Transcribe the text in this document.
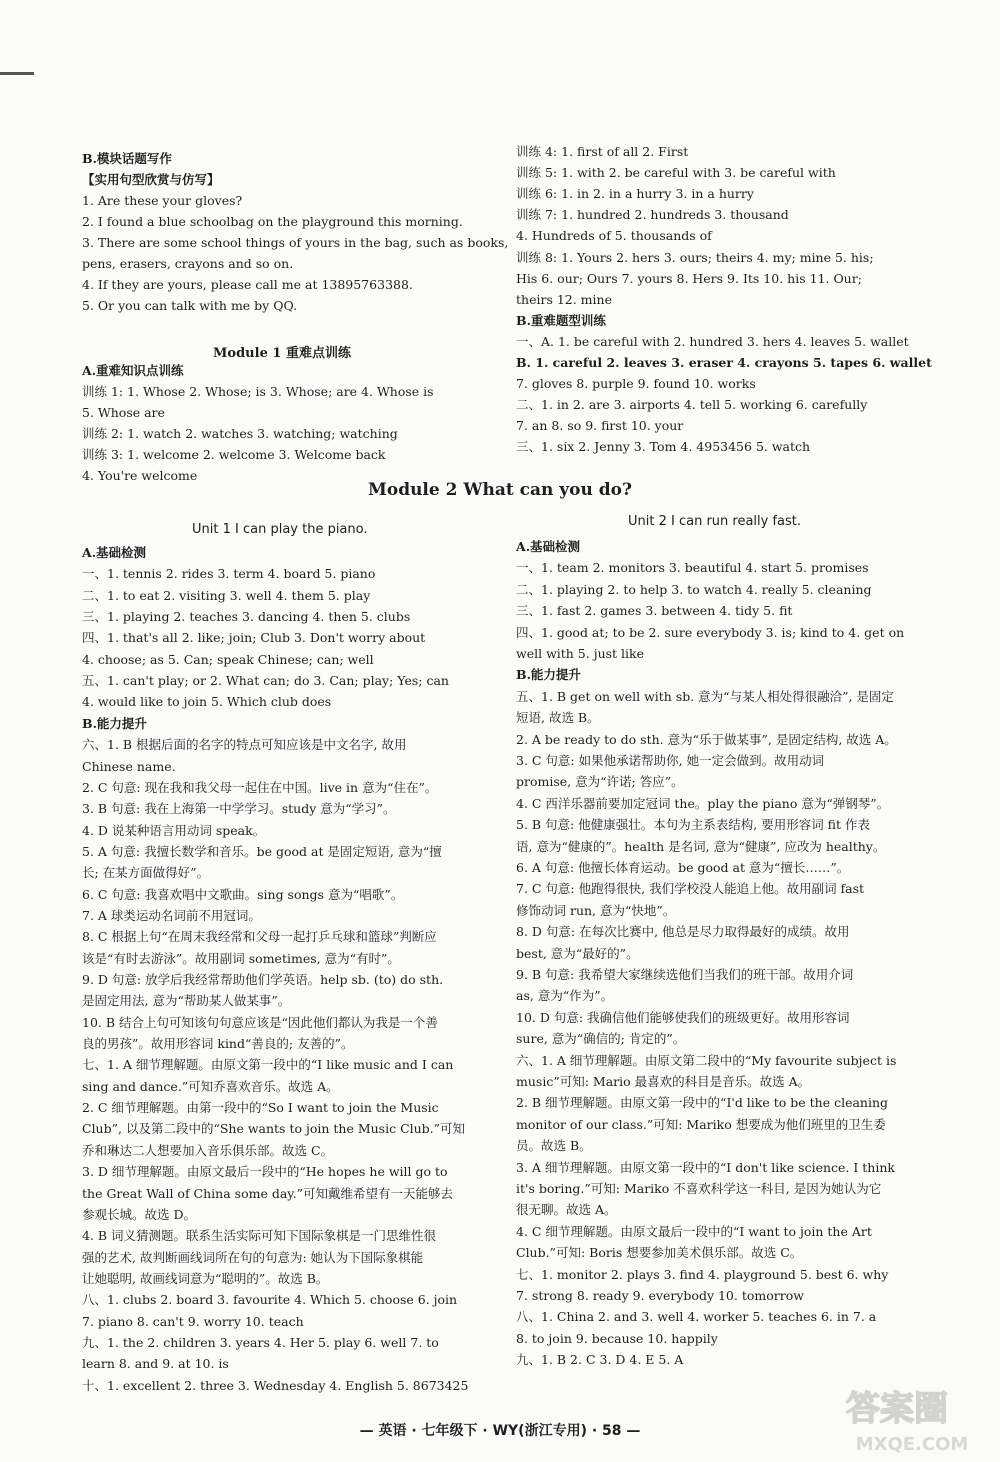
B.模块话题写作
【实用句型欣赏与仿写】
1. Are these your gloves?
2. I found a blue schoolbag on the playground this morning.
3. There are some school things of yours in the bag, such as books,
pens, erasers, crayons and so on.
4. If they are yours, please call me at 13895763388.
5. Or you can talk with me by QQ.
A.重难知识点训练
训练 1: 1. Whose 2. Whose; is 3. Whose; are 4. Whose is
5. Whose are
训练 2: 1. watch 2. watches 3. watching; watching
训练 3: 1. welcome 2. welcome 3. Welcome back
4. You're welcome
Module 1 重难点训练
训练 4: 1. first of all 2. First
训练 5: 1. with 2. be careful with 3. be careful with
训练 6: 1. in 2. in a hurry 3. in a hurry
训练 7: 1. hundred 2. hundreds 3. thousand
4. Hundreds of 5. thousands of
训练 8: 1. Yours 2. hers 3. ours; theirs 4. my; mine 5. his;
His 6. our; Ours 7. yours 8. Hers 9. Its 10. his 11. Our;
theirs 12. mine
B.重难题型训练
一、A. 1. be careful with 2. hundred 3. hers 4. leaves 5. wallet
B. 1. careful 2. leaves 3. eraser 4. crayons 5. tapes 6. wallet
7. gloves 8. purple 9. found 10. works
二、1. in 2. are 3. airports 4. tell 5. working 6. carefully
7. an 8. so 9. first 10. your
三、1. six 2. Jenny 3. Tom 4. 4953456 5. watch
Module 2 What can you do?
Unit 1 I can play the piano.
Unit 2 I can run really fast.
A.基础检测
一、1. tennis 2. rides 3. term 4. board 5. piano
二、1. to eat 2. visiting 3. well 4. them 5. play
三、1. playing 2. teaches 3. dancing 4. then 5. clubs
四、1. that's all 2. like; join; Club 3. Don't worry about
4. choose; as 5. Can; speak Chinese; can; well
五、1. can't play; or 2. What can; do 3. Can; play; Yes; can
4. would like to join 5. Which club does
B.能力提升
六、1. B 根据后面的名字的特点可知应该是中文名字, 故用
Chinese name.
2. C 句意: 现在我和我父母一起住在中国。live in 意为“住在”。
3. B 句意: 我在上海第一中学学习。study 意为“学习”。
4. D 说某种语言用动词 speak。
5. A 句意: 我擅长数学和音乐。be good at 是固定短语, 意为“擅
长; 在某方面做得好”。
6. C 句意: 我喜欢唱中文歌曲。sing songs 意为“唱歌”。
7. A 球类运动名词前不用冠词。
8. C 根据上句“在周末我经常和父母一起打乒乓球和篮球”判断应
该是“有时去游泳”。故用副词 sometimes, 意为“有时”。
9. D 句意: 放学后我经常帮助他们学英语。help sb. (to) do sth.
是固定用法, 意为“帮助某人做某事”。
10. B 结合上句可知该句句意应该是“因此他们都认为我是一个善
良的男孩”。故用形容词 kind“善良的; 友善的”。
七、1. A 细节理解题。由原文第一段中的“I like music and I can
sing and dance.”可知乔喜欢音乐。故选 A。
2. C 细节理解题。由第一段中的“So I want to join the Music
Club”, 以及第二段中的“She wants to join the Music Club.”可知
乔和琳达二人想要加入音乐俱乐部。故选 C。
3. D 细节理解题。由原文最后一段中的“He hopes he will go to
the Great Wall of China some day.”可知戴维希望有一天能够去
参观长城。故选 D。
4. B 词义猜测题。联系生活实际可知下国际象棋是一门思维性很
强的艺术, 故判断画线词所在句的句意为: 她认为下国际象棋能
让她聪明, 故画线词意为“聪明的”。故选 B。
八、1. clubs 2. board 3. favourite 4. Which 5. choose 6. join
7. piano 8. can't 9. worry 10. teach
九、1. the 2. children 3. years 4. Her 5. play 6. well 7. to
learn 8. and 9. at 10. is
十、1. excellent 2. three 3. Wednesday 4. English 5. 8673425
A.基础检测
一、1. team 2. monitors 3. beautiful 4. start 5. promises
二、1. playing 2. to help 3. to watch 4. really 5. cleaning
三、1. fast 2. games 3. between 4. tidy 5. fit
四、1. good at; to be 2. sure everybody 3. is; kind to 4. get on
well with 5. just like
B.能力提升
五、1. B get on well with sb. 意为“与某人相处得很融洽”, 是固定
短语, 故选 B。
2. A be ready to do sth. 意为“乐于做某事”, 是固定结构, 故选 A。
3. C 句意: 如果他承诺帮助你, 她一定会做到。故用动词
promise, 意为“许诺; 答应”。
4. C 西洋乐器前要加定冠词 the。play the piano 意为“弹钢琴”。
5. B 句意: 他健康强壮。本句为主系表结构, 要用形容词 fit 作表
语, 意为“健康的”。health 是名词, 意为“健康”, 应改为 healthy。
6. A 句意: 他擅长体育运动。be good at 意为“擅长……”。
7. C 句意: 他跑得很快, 我们学校没人能追上他。故用副词 fast
修饰动词 run, 意为“快地”。
8. D 句意: 在每次比赛中, 他总是尽力取得最好的成绩。故用
best, 意为“最好的”。
9. B 句意: 我希望大家继续选他们当我们的班干部。故用介词
as, 意为“作为”。
10. D 句意: 我确信他们能够使我们的班级更好。故用形容词
sure, 意为“确信的; 肯定的”。
六、1. A 细节理解题。由原文第二段中的“My favourite subject is
music”可知: Mario 最喜欢的科目是音乐。故选 A。
2. B 细节理解题。由原文第一段中的“I'd like to be the cleaning
monitor of our class.”可知: Mariko 想要成为他们班里的卫生委
员。故选 B。
3. A 细节理解题。由原文第一段中的“I don't like science. I think
it's boring.”可知: Mariko 不喜欢科学这一科目, 是因为她认为它
很无聊。故选 A。
4. C 细节理解题。由原文最后一段中的“I want to join the Art
Club.”可知: Boris 想要参加美术俱乐部。故选 C。
七、1. monitor 2. plays 3. find 4. playground 5. best 6. why
7. strong 8. ready 9. everybody 10. tomorrow
八、1. China 2. and 3. well 4. worker 5. teaches 6. in 7. a
8. to join 9. because 10. happily
九、1. B 2. C 3. D 4. E 5. A
— 英语 · 七年级下 · WY(浙江专用) · 58 —
答案圈
MXQE.COM
